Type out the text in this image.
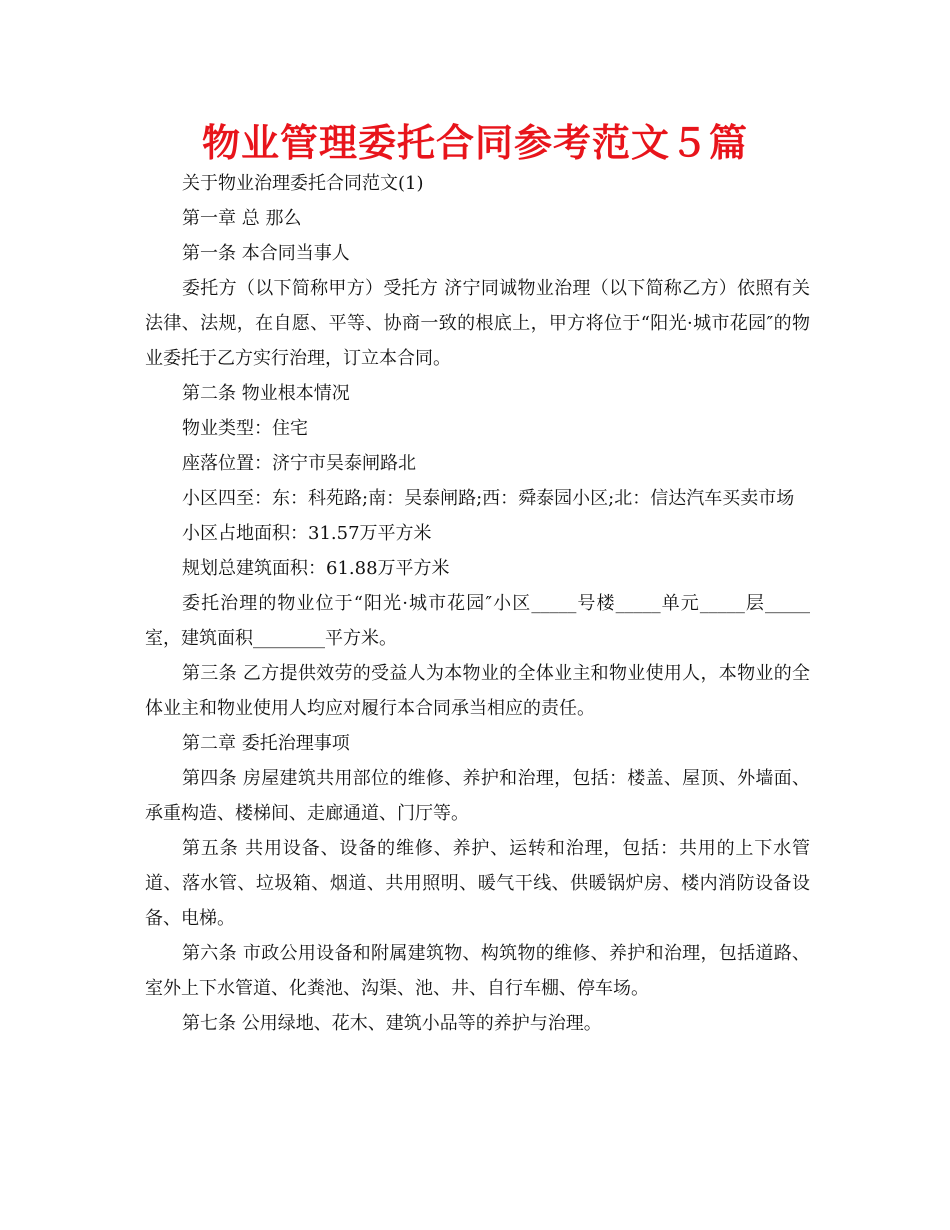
物业管理委托合同参考范文５篇

关于物业治理委托合同范文(1)

第一章 总 那么

第一条 本合同当事人

委托方（以下简称甲方）受托方 济宁同诚物业治理（以下简称乙方）依照有关法律、法规，在自愿、平等、协商一致的根底上，甲方将位于“阳光·城市花园″的物业委托于乙方实行治理，订立本合同。

第二条 物业根本情况

物业类型：住宅

座落位置：济宁市吴泰闸路北

小区四至：东：科苑路;南：吴泰闸路;西：舜泰园小区;北：信达汽车买卖市场

小区占地面积：31.57万平方米

规划总建筑面积：61.88万平方米

委托治理的物业位于“阳光·城市花园″小区_____号楼_____单元_____层_____室，建筑面积________平方米。

第三条 乙方提供效劳的受益人为本物业的全体业主和物业使用人，本物业的全体业主和物业使用人均应对履行本合同承当相应的责任。

第二章 委托治理事项

第四条 房屋建筑共用部位的维修、养护和治理，包括：楼盖、屋顶、外墙面、承重构造、楼梯间、走廊通道、门厅等。

第五条 共用设备、设备的维修、养护、运转和治理，包括：共用的上下水管道、落水管、垃圾箱、烟道、共用照明、暖气干线、供暖锅炉房、楼内消防设备设备、电梯。

第六条 市政公用设备和附属建筑物、构筑物的维修、养护和治理，包括道路、室外上下水管道、化粪池、沟渠、池、井、自行车棚、停车场。

第七条 公用绿地、花木、建筑小品等的养护与治理。
